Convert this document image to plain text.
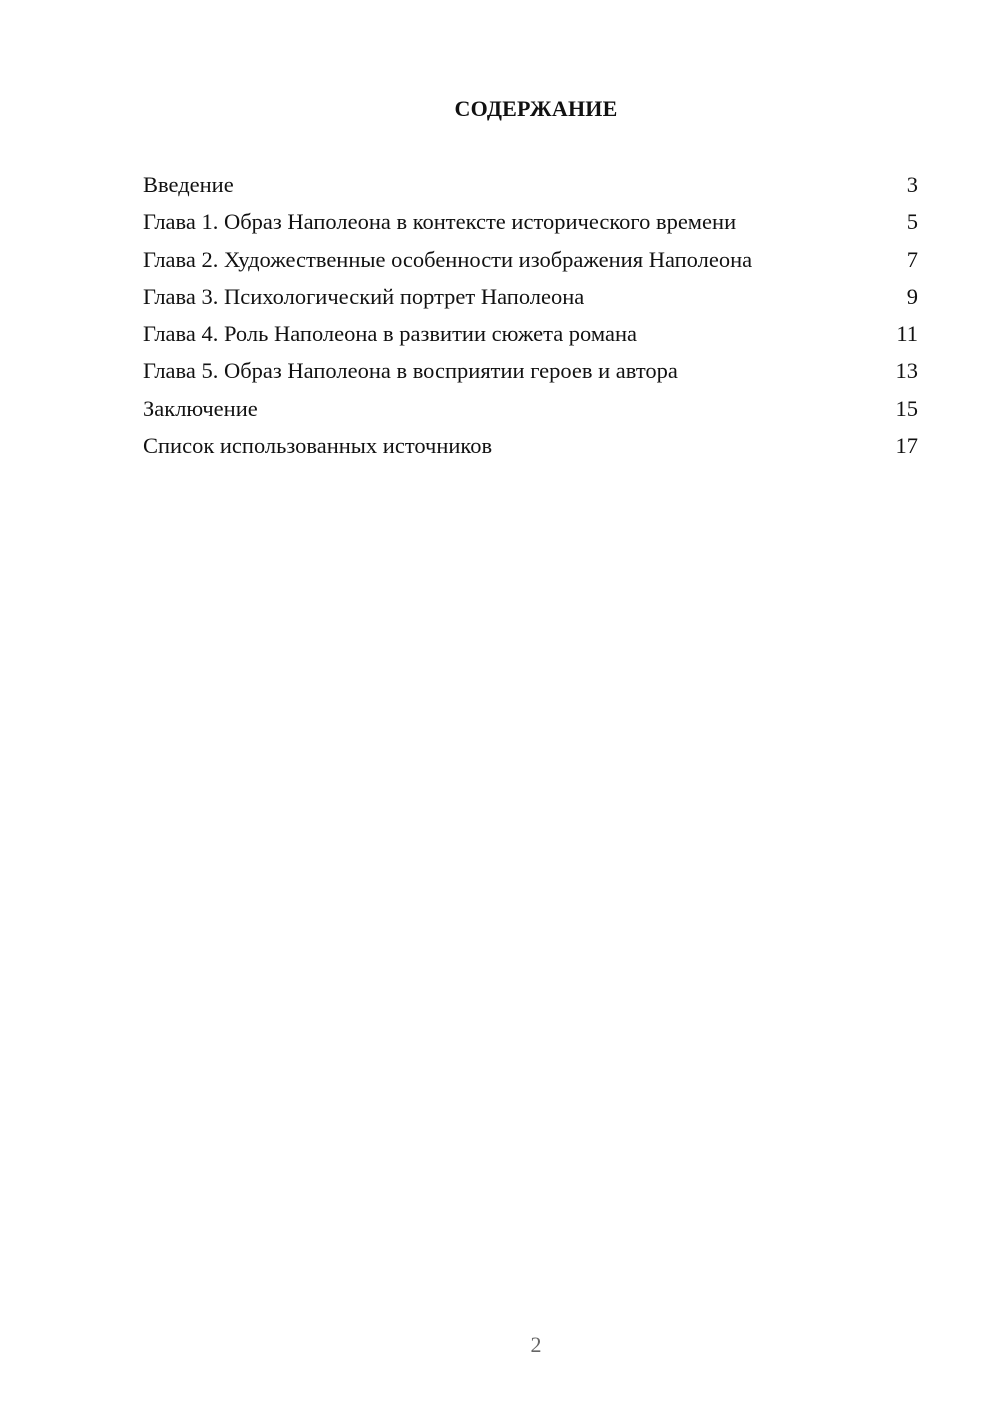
СОДЕРЖАНИЕ
Введение	3
Глава 1. Образ Наполеона в контексте исторического времени	5
Глава 2. Художественные особенности изображения Наполеона	7
Глава 3. Психологический портрет Наполеона	9
Глава 4. Роль Наполеона в развитии сюжета романа	11
Глава 5. Образ Наполеона в восприятии героев и автора	13
Заключение	15
Список использованных источников	17
2
